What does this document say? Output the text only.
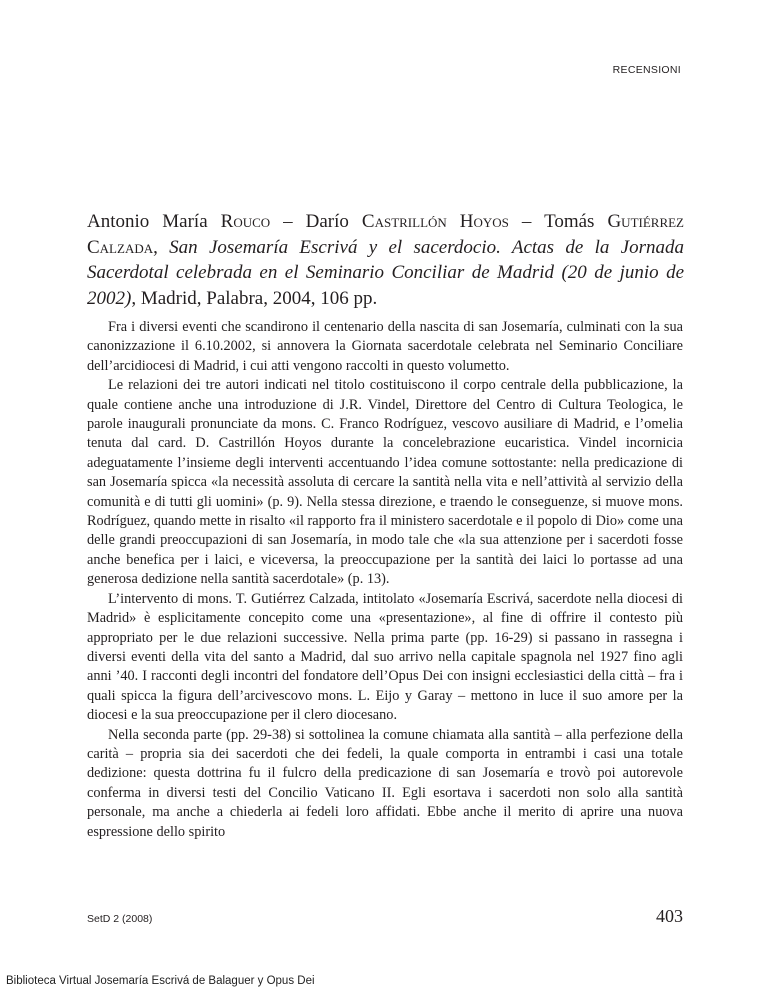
RECENSIONI
Antonio María Rouco – Darío Castrillón Hoyos – Tomás Gutiérrez Calzada, San Josemaría Escrivá y el sacerdocio. Actas de la Jornada Sacerdotal celebrada en el Seminario Conciliar de Madrid (20 de junio de 2002), Madrid, Palabra, 2004, 106 pp.

Fra i diversi eventi che scandirono il centenario della nascita di san Josemaría, culminati con la sua canonizzazione il 6.10.2002, si annovera la Giornata sacerdotale celebrata nel Seminario Conciliare dell’arcidiocesi di Madrid, i cui atti vengono raccolti in questo volumetto.

Le relazioni dei tre autori indicati nel titolo costituiscono il corpo centrale della pubblicazione, la quale contiene anche una introduzione di J.R. Vindel, Direttore del Centro di Cultura Teologica, le parole inaugurali pronunciate da mons. C. Franco Rodríguez, vescovo ausiliare di Madrid, e l’omelia tenuta dal card. D. Castrillón Hoyos durante la concelebrazione eucaristica. Vindel incornicia adeguatamente l’insieme degli interventi accentuando l’idea comune sottostante: nella predicazione di san Josemaría spicca «la necessità assoluta di cercare la santità nella vita e nell’attività al servizio della comunità e di tutti gli uomini» (p. 9). Nella stessa direzione, e traendo le conseguenze, si muove mons. Rodríguez, quando mette in risalto «il rapporto fra il ministero sacerdotale e il popolo di Dio» come una delle grandi preoccupazioni di san Josemaría, in modo tale che «la sua attenzione per i sacerdoti fosse anche benefica per i laici, e viceversa, la preoccupazione per la santità dei laici lo portasse ad una generosa dedizione nella santità sacerdotale» (p. 13).

L’intervento di mons. T. Gutiérrez Calzada, intitolato «Josemaría Escrivá, sacerdote nella diocesi di Madrid» è esplicitamente concepito come una «presentazione», al fine di offrire il contesto più appropriato per le due relazioni successive. Nella prima parte (pp. 16-29) si passano in rassegna i diversi eventi della vita del santo a Madrid, dal suo arrivo nella capitale spagnola nel 1927 fino agli anni ’40. I racconti degli incontri del fondatore dell’Opus Dei con insigni ecclesiastici della città – fra i quali spicca la figura dell’arcivescovo mons. L. Eijo y Garay – mettono in luce il suo amore per la diocesi e la sua preoccupazione per il clero diocesano.

Nella seconda parte (pp. 29-38) si sottolinea la comune chiamata alla santità – alla perfezione della carità – propria sia dei sacerdoti che dei fedeli, la quale comporta in entrambi i casi una totale dedizione: questa dottrina fu il fulcro della predicazione di san Josemaría e trovò poi autorevole conferma in diversi testi del Concilio Vaticano II. Egli esortava i sacerdoti non solo alla santità personale, ma anche a chiederla ai fedeli loro affidati. Ebbe anche il merito di aprire una nuova espressione dello spirito

SetD 2 (2008)	403
Biblioteca Virtual Josemaría Escrivá de Balaguer y Opus Dei
